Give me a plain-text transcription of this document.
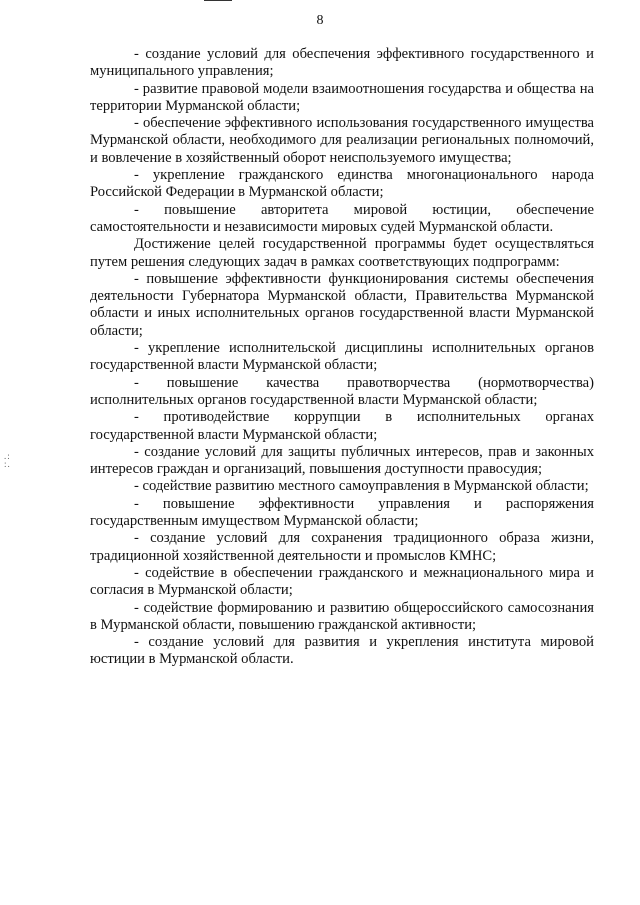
8
.:
:.

- создание условий для обеспечения эффективного государственного и муниципального управления;

- развитие правовой модели взаимоотношения государства и общества на территории Мурманской области;

- обеспечение эффективного использования государственного имущества Мурманской области, необходимого для реализации региональных полномочий, и вовлечение в хозяйственный оборот неиспользуемого имущества;

- укрепление гражданского единства многонационального народа Российской Федерации в Мурманской области;

- повышение авторитета мировой юстиции, обеспечение самостоятельности и независимости мировых судей Мурманской области.

Достижение целей государственной программы будет осуществляться путем решения следующих задач в рамках соответствующих подпрограмм:

- повышение эффективности функционирования системы обеспечения деятельности Губернатора Мурманской области, Правительства Мурманской области и иных исполнительных органов государственной власти Мурманской области;

- укрепление исполнительской дисциплины исполнительных органов государственной власти Мурманской области;

- повышение качества правотворчества (нормотворчества) исполнительных органов государственной власти Мурманской области;

- противодействие коррупции в исполнительных органах государственной власти Мурманской области;

- создание условий для защиты публичных интересов, прав и законных интересов граждан и организаций, повышения доступности правосудия;

- содействие развитию местного самоуправления в Мурманской области;

- повышение эффективности управления и распоряжения государственным имуществом Мурманской области;

- создание условий для сохранения традиционного образа жизни, традиционной хозяйственной деятельности и промыслов КМНС;

- содействие в обеспечении гражданского и межнационального мира и согласия в Мурманской области;

- содействие формированию и развитию общероссийского самосознания в Мурманской области, повышению гражданской активности;

- создание условий для развития и укрепления института мировой юстиции в Мурманской области.
